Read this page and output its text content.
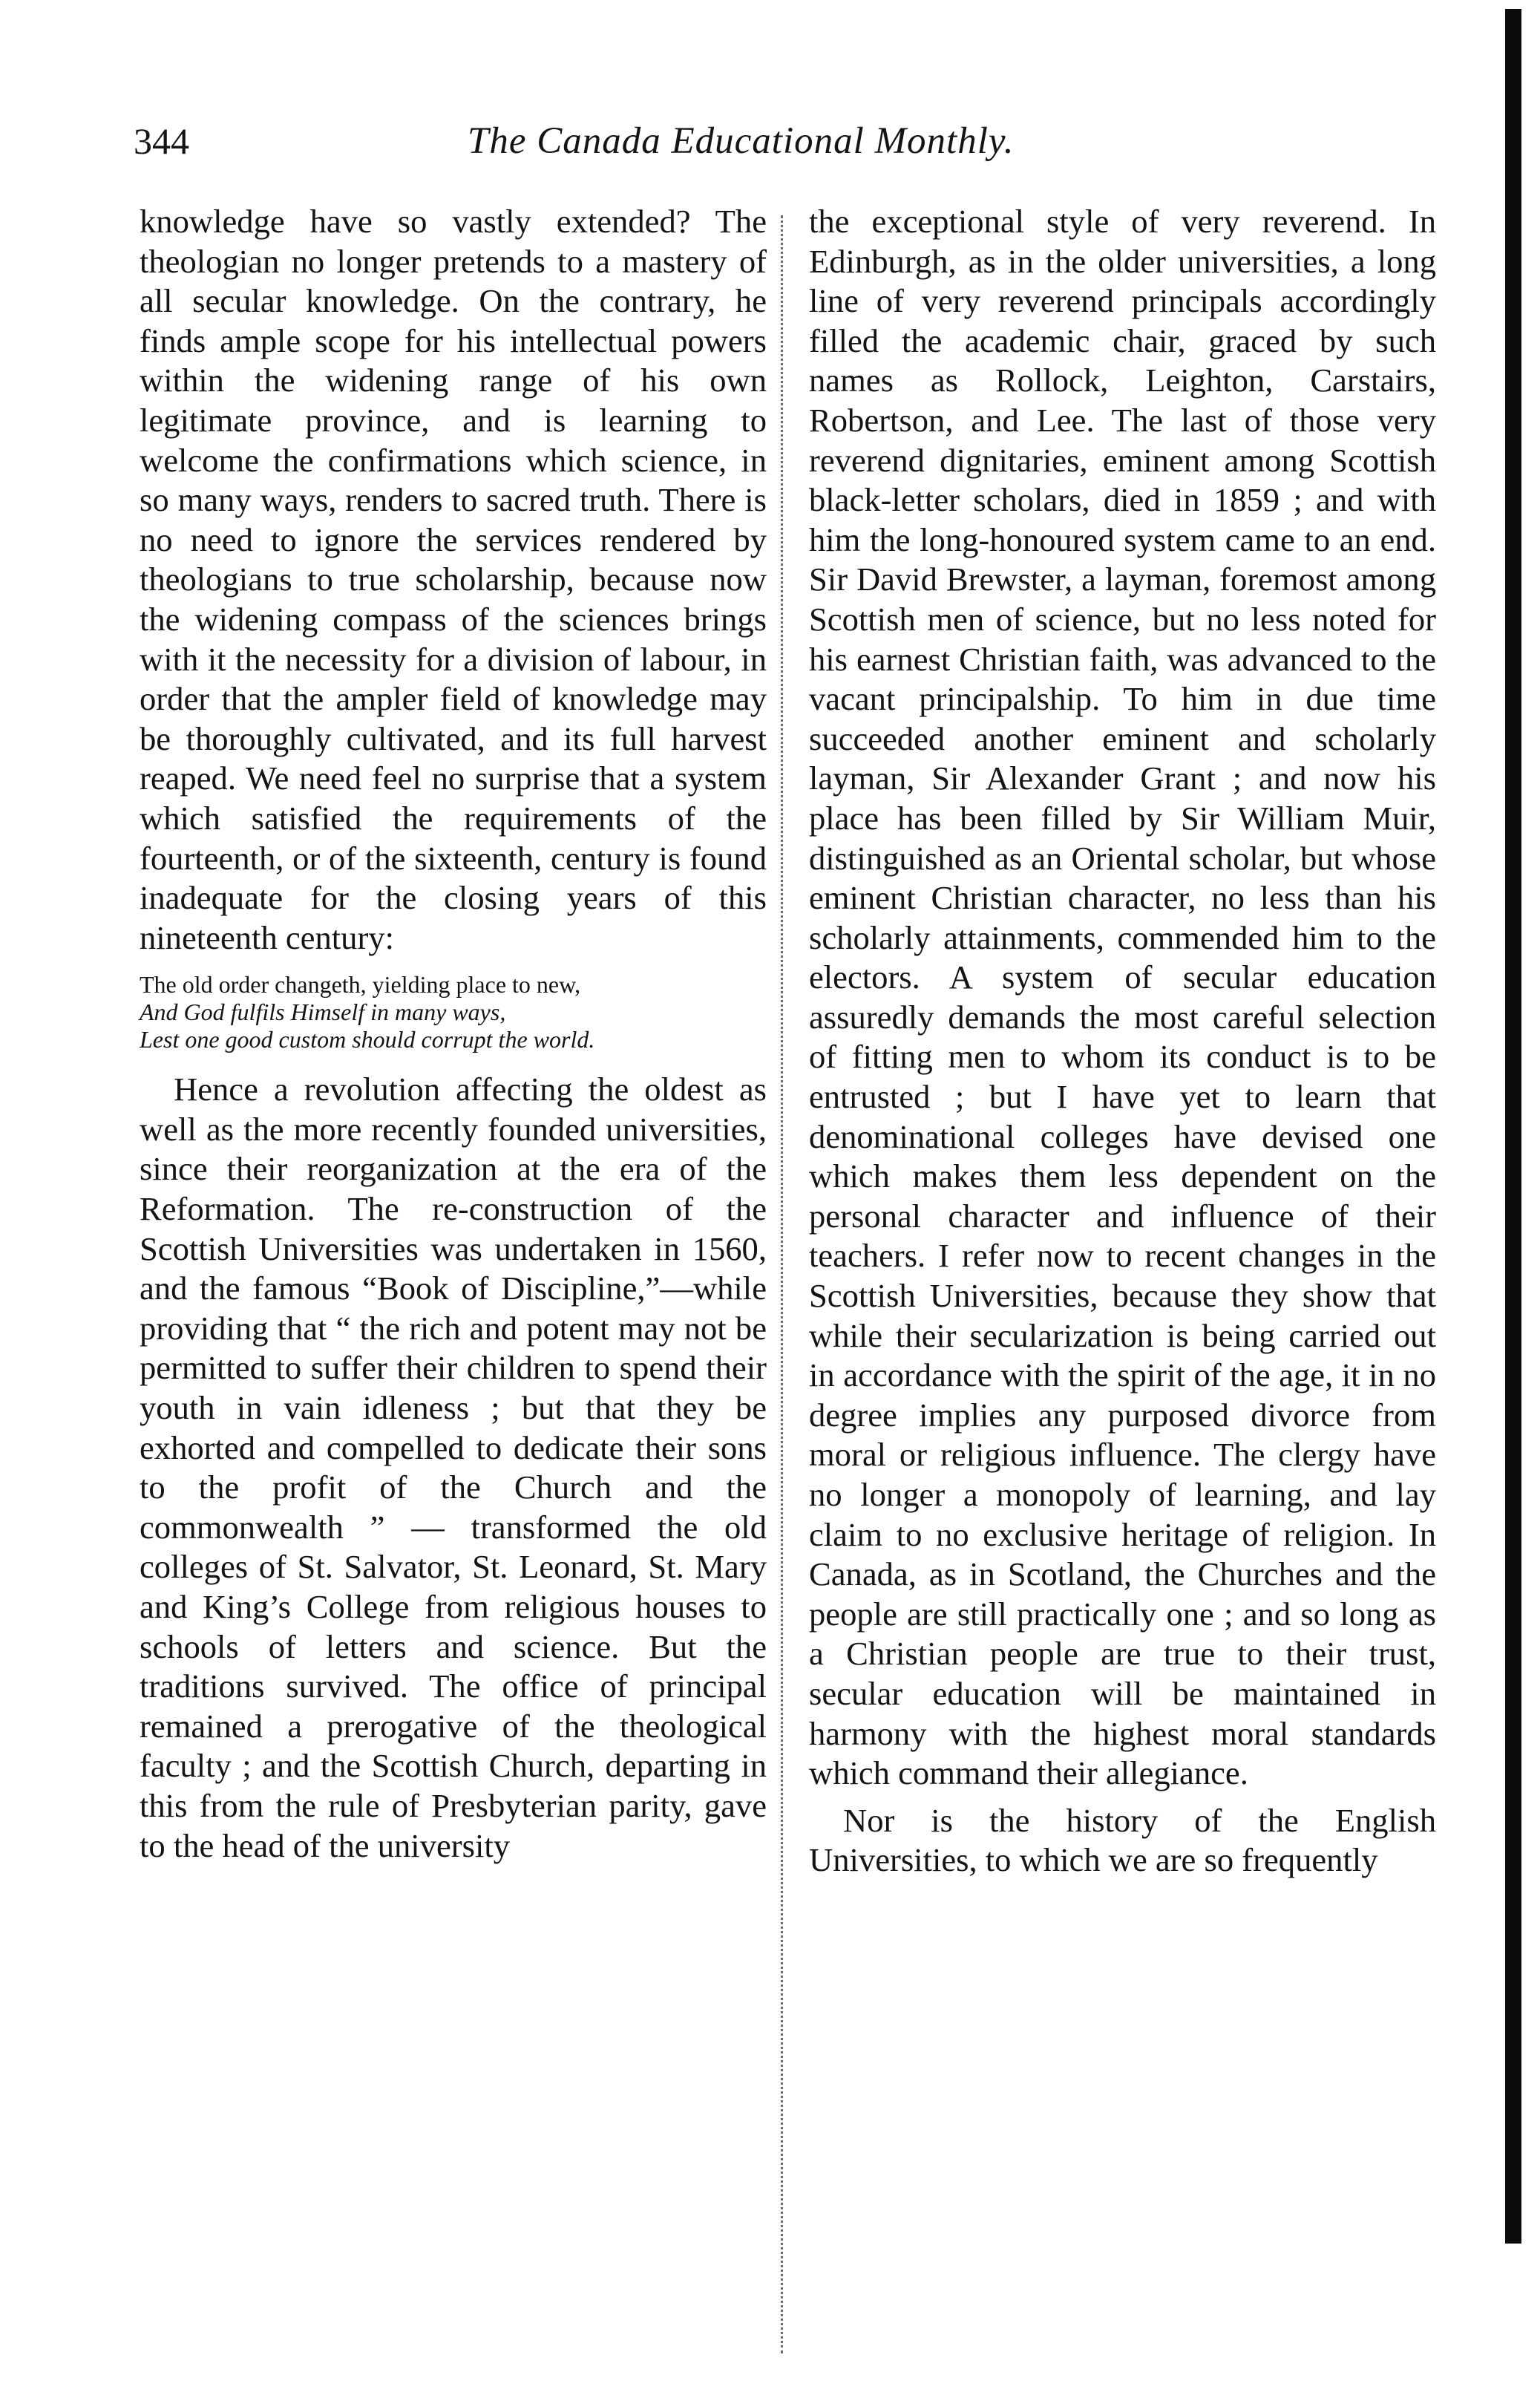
344	The Canada Educational Monthly.

knowledge have so vastly extended? The theologian no longer pretends to a mastery of all secular knowledge. On the contrary, he finds ample scope for his intellectual powers within the widening range of his own legitimate province, and is learning to welcome the confirmations which science, in so many ways, renders to sacred truth. There is no need to ignore the services rendered by theologians to true scholarship, because now the widening compass of the sciences brings with it the necessity for a division of labour, in order that the ampler field of knowledge may be thoroughly cultivated, and its full harvest reaped. We need feel no surprise that a system which satisfied the requirements of the fourteenth, or of the sixteenth, century is found inadequate for the closing years of this nineteenth century:

The old order changeth, yielding place to new,
And God fulfils Himself in many ways,
Lest one good custom should corrupt the world.

Hence a revolution affecting the oldest as well as the more recently founded universities, since their reorganization at the era of the Reformation. The re-construction of the Scottish Universities was undertaken in 1560, and the famous “Book of Discipline,”—while providing that “ the rich and potent may not be permitted to suffer their children to spend their youth in vain idleness ; but that they be exhorted and compelled to dedicate their sons to the profit of the Church and the commonwealth ” — transformed the old colleges of St. Salvator, St. Leonard, St. Mary and King’s College from religious houses to schools of letters and science. But the traditions survived. The office of principal remained a prerogative of the theological faculty ; and the Scottish Church, departing in this from the rule of Presbyterian parity, gave to the head of the university

the exceptional style of very reverend. In Edinburgh, as in the older universities, a long line of very reverend principals accordingly filled the academic chair, graced by such names as Rollock, Leighton, Carstairs, Robertson, and Lee. The last of those very reverend dignitaries, eminent among Scottish black-letter scholars, died in 1859 ; and with him the long-honoured system came to an end. Sir David Brewster, a layman, foremost among Scottish men of science, but no less noted for his earnest Christian faith, was advanced to the vacant principalship. To him in due time succeeded another eminent and scholarly layman, Sir Alexander Grant ; and now his place has been filled by Sir William Muir, distinguished as an Oriental scholar, but whose eminent Christian character, no less than his scholarly attainments, commended him to the electors. A system of secular education assuredly demands the most careful selection of fitting men to whom its conduct is to be entrusted ; but I have yet to learn that denominational colleges have devised one which makes them less dependent on the personal character and influence of their teachers. I refer now to recent changes in the Scottish Universities, because they show that while their secularization is being carried out in accordance with the spirit of the age, it in no degree implies any purposed divorce from moral or religious influence. The clergy have no longer a monopoly of learning, and lay claim to no exclusive heritage of religion. In Canada, as in Scotland, the Churches and the people are still practically one ; and so long as a Christian people are true to their trust, secular education will be maintained in harmony with the highest moral standards which command their allegiance.

Nor is the history of the English Universities, to which we are so frequently
